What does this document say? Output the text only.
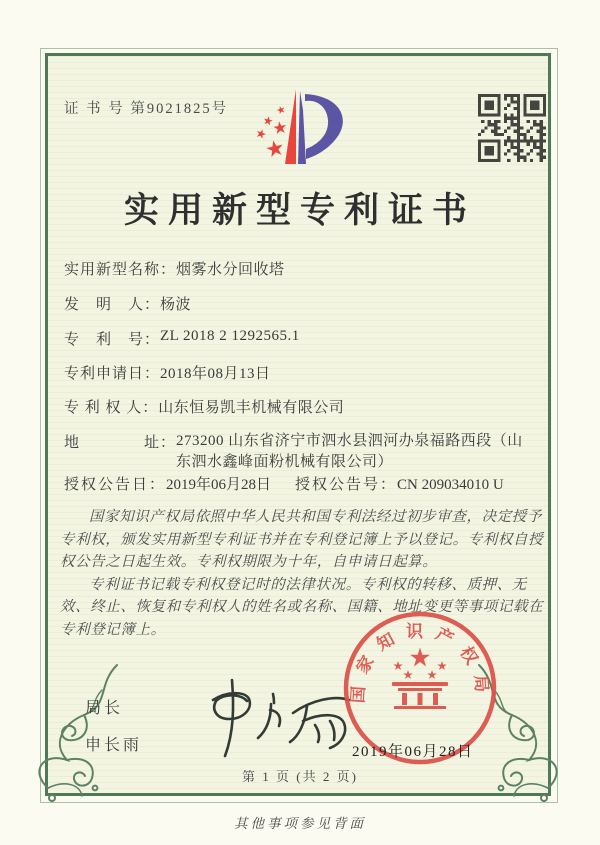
证 书 号 第9021825号
实用新型专利证书
实用新型名称： 烟雾水分回收塔
发　明　人： 杨波
专　利　号： ZL 2018 2 1292565.1
专利申请日： 2018年08月13日
专 利 权 人： 山东恒易凯丰机械有限公司
地　　　　址： 273200 山东省济宁市泗水县泗河办泉福路西段（山东泗水鑫峰面粉机械有限公司）
授权公告日：2019年06月28日 授权公告号：CN 209034010 U

国家知识产权局依照中华人民共和国专利法经过初步审查，决定授予专利权，颁发实用新型专利证书并在专利登记簿上予以登记。专利权自授权公告之日起生效。专利权期限为十年，自申请日起算。

专利证书记载专利权登记时的法律状况。专利权的转移、质押、无效、终止、恢复和专利权人的姓名或名称、国籍、地址变更等事项记载在专利登记簿上。

局长
申长雨
国家知识产权局
2019年06月28日
第 1 页 (共 2 页)
其他事项参见背面
